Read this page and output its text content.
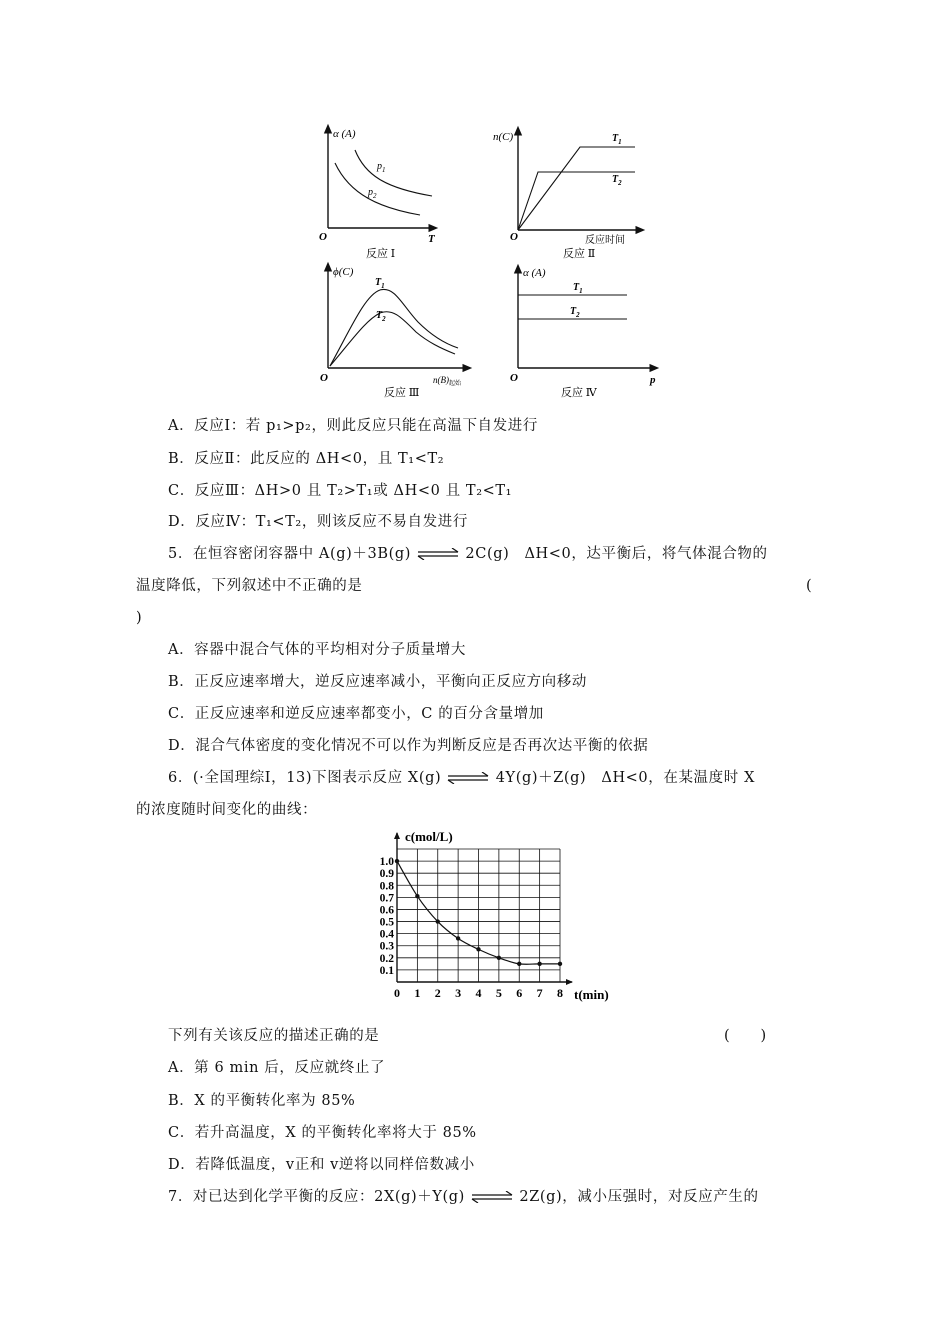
α (A)
O	T
$p_1$
$p_2$
反应 Ⅰ
n(C)
O	反应时间
$T_1$
$T_2$
反应 Ⅱ
ϕ(C)
O	$n(B)_{起始}$
$T_1$
$T_2$
反应 Ⅲ
α (A)
O	p
$T_1$
$T_2$
反应 Ⅳ
A．反应Ⅰ：若 p₁>p₂，则此反应只能在高温下自发进行
B．反应Ⅱ：此反应的 ΔH<0，且 T₁<T₂
C．反应Ⅲ：ΔH>0 且 T₂>T₁或 ΔH<0 且 T₂<T₁
D．反应Ⅳ：T₁<T₂，则该反应不易自发进行
5．在恒容密闭容器中 A(g)＋3B(g) ⇌ 2C(g)　ΔH<0，达平衡后，将气体混合物的
温度降低，下列叙述中不正确的是	(
)
A．容器中混合气体的平均相对分子质量增大
B．正反应速率增大，逆反应速率减小，平衡向正反应方向移动
C．正反应速率和逆反应速率都变小，C 的百分含量增加
D．混合气体密度的变化情况不可以作为判断反应是否再次达平衡的依据
6．(·全国理综Ⅰ，13)下图表示反应 X(g) ⇌ 4Y(g)＋Z(g)　ΔH<0，在某温度时 X
的浓度随时间变化的曲线：
0 1 2 3 4 5 6 7 8
0.1
0.2
0.3
0.4
0.5
0.6
0.7
0.8
0.9
1.0
c(mol/L)
t(min)
下列有关该反应的描述正确的是	(　　)
A．第 6 min 后，反应就终止了
B．X 的平衡转化率为 85%
C．若升高温度，X 的平衡转化率将大于 85%
D．若降低温度，v正和 v逆将以同样倍数减小
7．对已达到化学平衡的反应：2X(g)＋Y(g) ⇌ 2Z(g)，减小压强时，对反应产生的
